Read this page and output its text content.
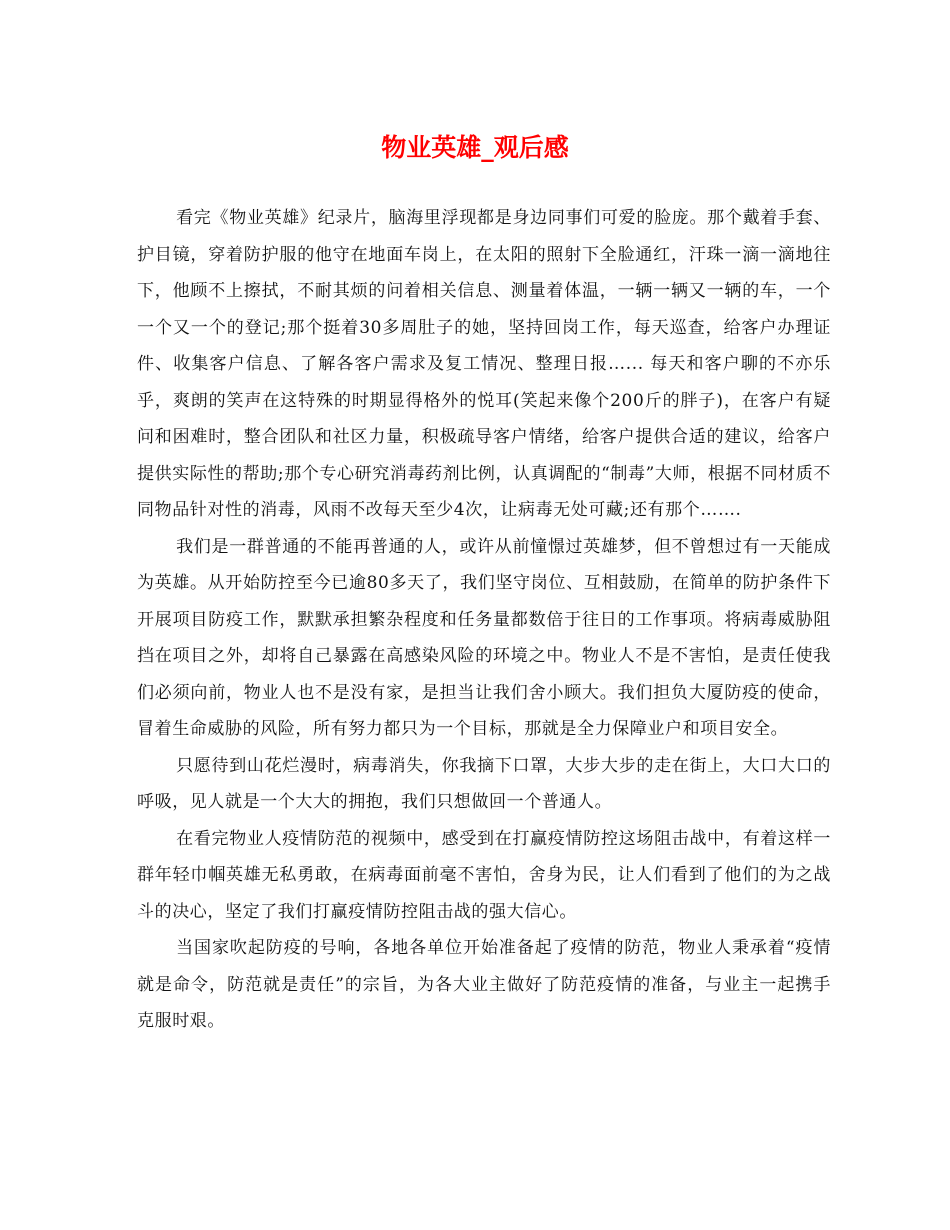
物业英雄_观后感

看完《物业英雄》纪录片，脑海里浮现都是身边同事们可爱的脸庞。那个戴着手套、护目镜，穿着防护服的他守在地面车岗上，在太阳的照射下全脸通红，汗珠一滴一滴地往下，他顾不上擦拭，不耐其烦的问着相关信息、测量着体温，一辆一辆又一辆的车，一个一个又一个的登记;那个挺着30多周肚子的她，坚持回岗工作，每天巡查，给客户办理证件、收集客户信息、了解各客户需求及复工情况、整理日报…... 每天和客户聊的不亦乐乎，爽朗的笑声在这特殊的时期显得格外的悦耳(笑起来像个200斤的胖子)，在客户有疑问和困难时，整合团队和社区力量，积极疏导客户情绪，给客户提供合适的建议，给客户提供实际性的帮助;那个专心研究消毒药剂比例，认真调配的“制毒”大师，根据不同材质不同物品针对性的消毒，风雨不改每天至少4次，让病毒无处可藏;还有那个…….

我们是一群普通的不能再普通的人，或许从前憧憬过英雄梦，但不曾想过有一天能成为英雄。从开始防控至今已逾80多天了，我们坚守岗位、互相鼓励，在简单的防护条件下开展项目防疫工作，默默承担繁杂程度和任务量都数倍于往日的工作事项。将病毒威胁阻挡在项目之外，却将自己暴露在高感染风险的环境之中。物业人不是不害怕，是责任使我们必须向前，物业人也不是没有家，是担当让我们舍小顾大。我们担负大厦防疫的使命，冒着生命威胁的风险，所有努力都只为一个目标，那就是全力保障业户和项目安全。

只愿待到山花烂漫时，病毒消失，你我摘下口罩，大步大步的走在街上，大口大口的呼吸，见人就是一个大大的拥抱，我们只想做回一个普通人。

在看完物业人疫情防范的视频中，感受到在打赢疫情防控这场阻击战中，有着这样一群年轻巾帼英雄无私勇敢，在病毒面前毫不害怕，舍身为民，让人们看到了他们的为之战斗的决心，坚定了我们打赢疫情防控阻击战的强大信心。

当国家吹起防疫的号响，各地各单位开始准备起了疫情的防范，物业人秉承着“疫情就是命令，防范就是责任”的宗旨，为各大业主做好了防范疫情的准备，与业主一起携手克服时艰。
